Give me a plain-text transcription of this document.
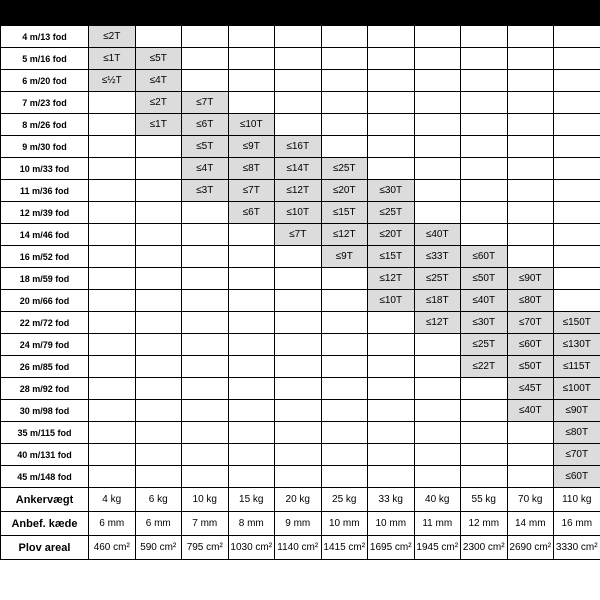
Rocnamodel
Bådstr.	4	6	10	15	20	25	33	40	55	70	110
4 m/13 fod	≤2T										
5 m/16 fod	≤1T	≤5T									
6 m/20 fod	≤½T	≤4T									
7 m/23 fod		≤2T	≤7T								
8 m/26 fod		≤1T	≤6T	≤10T							
9 m/30 fod			≤5T	≤9T	≤16T						
10 m/33 fod			≤4T	≤8T	≤14T	≤25T					
11 m/36 fod			≤3T	≤7T	≤12T	≤20T	≤30T				
12 m/39 fod				≤6T	≤10T	≤15T	≤25T				
14 m/46 fod					≤7T	≤12T	≤20T	≤40T			
16 m/52 fod						≤9T	≤15T	≤33T	≤60T		
18 m/59 fod							≤12T	≤25T	≤50T	≤90T	
20 m/66 fod							≤10T	≤18T	≤40T	≤80T	
22 m/72 fod								≤12T	≤30T	≤70T	≤150T
24 m/79 fod									≤25T	≤60T	≤130T
26 m/85 fod									≤22T	≤50T	≤115T
28 m/92 fod										≤45T	≤100T
30 m/98 fod										≤40T	≤90T
35 m/115 fod											≤80T
40 m/131 fod											≤70T
45 m/148 fod											≤60T
Ankervægt	4 kg	6 kg	10 kg	15 kg	20 kg	25 kg	33 kg	40 kg	55 kg	70 kg	110 kg
Anbef. kæde	6 mm	6 mm	7 mm	8 mm	9 mm	10 mm	10 mm	11 mm	12 mm	14 mm	16 mm
Plov areal	460 cm²	590 cm²	795 cm²	1030 cm²	1140 cm²	1415 cm²	1695 cm²	1945 cm²	2300 cm²	2690 cm²	3330 cm²
